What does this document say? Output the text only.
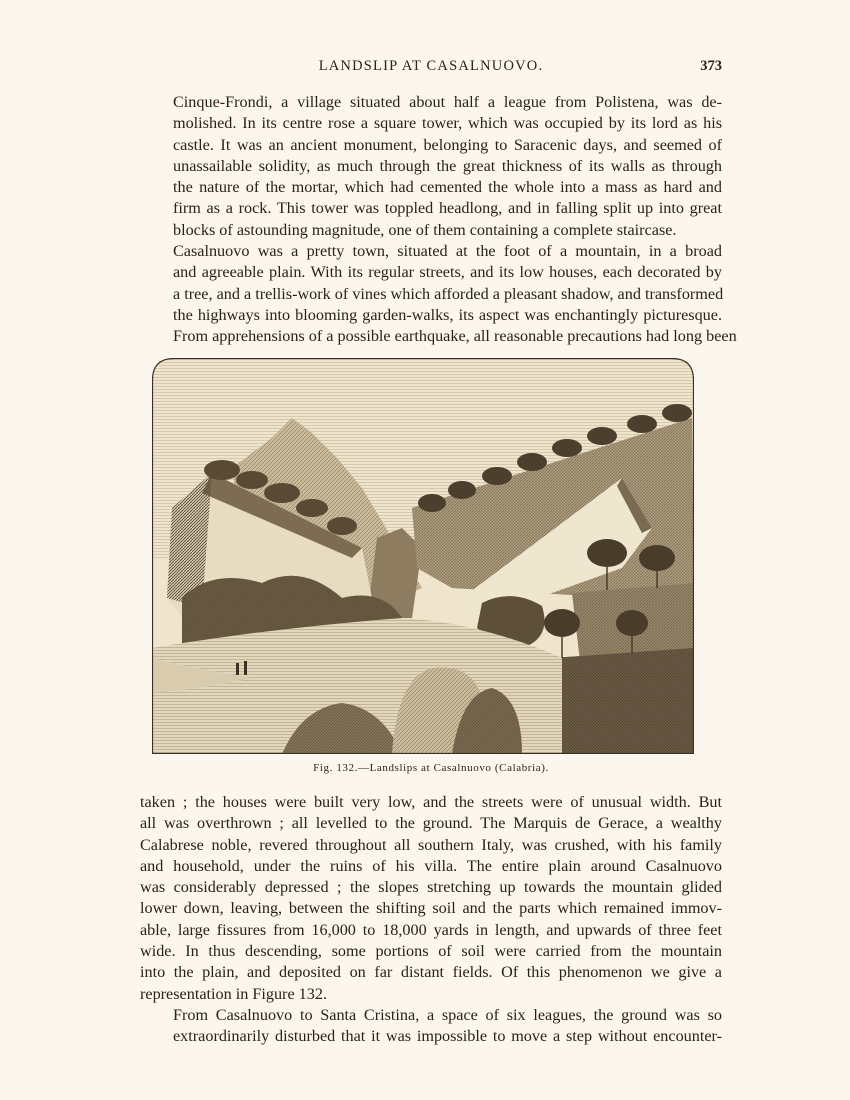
LANDSLIP AT CASALNUOVO.	373

Cinque-Frondi, a village situated about half a league from Polistena, was de-
molished. In its centre rose a square tower, which was occupied by its lord as his
castle. It was an ancient monument, belonging to Saracenic days, and seemed of
unassailable solidity, as much through the great thickness of its walls as through
the nature of the mortar, which had cemented the whole into a mass as hard and
firm as a rock. This tower was toppled headlong, and in falling split up into great
blocks of astounding magnitude, one of them containing a complete staircase.

Casalnuovo was a pretty town, situated at the foot of a mountain, in a broad
and agreeable plain. With its regular streets, and its low houses, each decorated by
a tree, and a trellis-work of vines which afforded a pleasant shadow, and transformed
the highways into blooming garden-walks, its aspect was enchantingly picturesque.
From apprehensions of a possible earthquake, all reasonable precautions had long been

Fig. 132.—Landslips at Casalnuovo (Calabria).

taken ; the houses were built very low, and the streets were of unusual width. But
all was overthrown ; all levelled to the ground. The Marquis de Gerace, a wealthy
Calabrese noble, revered throughout all southern Italy, was crushed, with his family
and household, under the ruins of his villa. The entire plain around Casalnuovo
was considerably depressed ; the slopes stretching up towards the mountain glided
lower down, leaving, between the shifting soil and the parts which remained immov-
able, large fissures from 16,000 to 18,000 yards in length, and upwards of three feet
wide. In thus descending, some portions of soil were carried from the mountain
into the plain, and deposited on far distant fields. Of this phenomenon we give a
representation in Figure 132.

From Casalnuovo to Santa Cristina, a space of six leagues, the ground was so
extraordinarily disturbed that it was impossible to move a step without encounter-
